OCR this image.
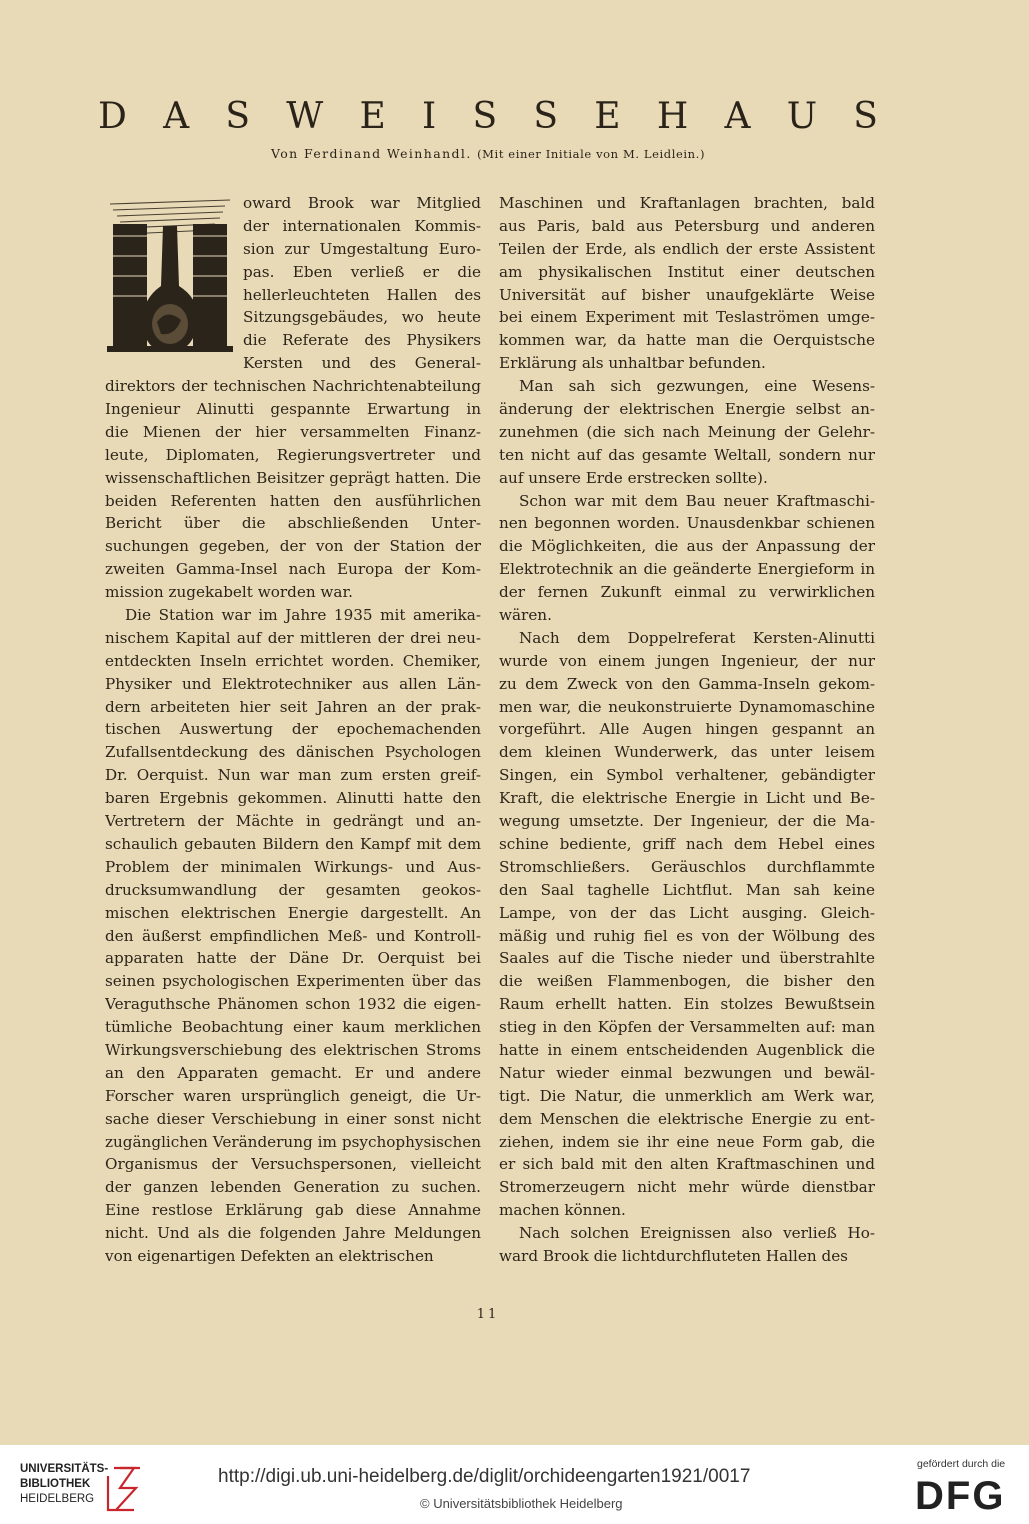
D A S W E I S S E H A U S
Von Ferdinand Weinhandl. (Mit einer Initiale von M. Leidlein.)
oward Brook war Mitglied
der internationalen Kommis-
sion zur Umgestaltung Euro-
pas. Eben verließ er die
hellerleuchteten Hallen des
Sitzungsgebäudes, wo heute
die Referate des Physikers
Kersten und des General-
direktors der technischen Nachrichtenabteilung
Ingenieur Alinutti gespannte Erwartung in
die Mienen der hier versammelten Finanz-
leute, Diplomaten, Regierungsvertreter und
wissenschaftlichen Beisitzer geprägt hatten. Die
beiden Referenten hatten den ausführlichen
Bericht über die abschließenden Unter-
suchungen gegeben, der von der Station der
zweiten Gamma-Insel nach Europa der Kom-
mission zugekabelt worden war.
Die Station war im Jahre 1935 mit amerika-
nischem Kapital auf der mittleren der drei neu-
entdeckten Inseln errichtet worden. Chemiker,
Physiker und Elektrotechniker aus allen Län-
dern arbeiteten hier seit Jahren an der prak-
tischen Auswertung der epochemachenden
Zufallsentdeckung des dänischen Psychologen
Dr. Oerquist. Nun war man zum ersten greif-
baren Ergebnis gekommen. Alinutti hatte den
Vertretern der Mächte in gedrängt und an-
schaulich gebauten Bildern den Kampf mit dem
Problem der minimalen Wirkungs- und Aus-
drucksumwandlung der gesamten geokos-
mischen elektrischen Energie dargestellt. An
den äußerst empfindlichen Meß- und Kontroll-
apparaten hatte der Däne Dr. Oerquist bei
seinen psychologischen Experimenten über das
Veraguthsche Phänomen schon 1932 die eigen-
tümliche Beobachtung einer kaum merklichen
Wirkungsverschiebung des elektrischen Stroms
an den Apparaten gemacht. Er und andere
Forscher waren ursprünglich geneigt, die Ur-
sache dieser Verschiebung in einer sonst nicht
zugänglichen Veränderung im psychophysischen
Organismus der Versuchspersonen, vielleicht
der ganzen lebenden Generation zu suchen.
Eine restlose Erklärung gab diese Annahme
nicht. Und als die folgenden Jahre Meldungen
von eigenartigen Defekten an elektrischen
Maschinen und Kraftanlagen brachten, bald
aus Paris, bald aus Petersburg und anderen
Teilen der Erde, als endlich der erste Assistent
am physikalischen Institut einer deutschen
Universität auf bisher unaufgeklärte Weise
bei einem Experiment mit Teslaströmen umge-
kommen war, da hatte man die Oerquistsche
Erklärung als unhaltbar befunden.
Man sah sich gezwungen, eine Wesens-
änderung der elektrischen Energie selbst an-
zunehmen (die sich nach Meinung der Gelehr-
ten nicht auf das gesamte Weltall, sondern nur
auf unsere Erde erstrecken sollte).
Schon war mit dem Bau neuer Kraftmaschi-
nen begonnen worden. Unausdenkbar schienen
die Möglichkeiten, die aus der Anpassung der
Elektrotechnik an die geänderte Energieform in
der fernen Zukunft einmal zu verwirklichen
wären.
Nach dem Doppelreferat Kersten-Alinutti
wurde von einem jungen Ingenieur, der nur
zu dem Zweck von den Gamma-Inseln gekom-
men war, die neukonstruierte Dynamomaschine
vorgeführt. Alle Augen hingen gespannt an
dem kleinen Wunderwerk, das unter leisem
Singen, ein Symbol verhaltener, gebändigter
Kraft, die elektrische Energie in Licht und Be-
wegung umsetzte. Der Ingenieur, der die Ma-
schine bediente, griff nach dem Hebel eines
Stromschließers. Geräuschlos durchflammte
den Saal taghelle Lichtflut. Man sah keine
Lampe, von der das Licht ausging. Gleich-
mäßig und ruhig fiel es von der Wölbung des
Saales auf die Tische nieder und überstrahlte
die weißen Flammenbogen, die bisher den
Raum erhellt hatten. Ein stolzes Bewußtsein
stieg in den Köpfen der Versammelten auf: man
hatte in einem entscheidenden Augenblick die
Natur wieder einmal bezwungen und bewäl-
tigt. Die Natur, die unmerklich am Werk war,
dem Menschen die elektrische Energie zu ent-
ziehen, indem sie ihr eine neue Form gab, die
er sich bald mit den alten Kraftmaschinen und
Stromerzeugern nicht mehr würde dienstbar
machen können.
Nach solchen Ereignissen also verließ Ho-
ward Brook die lichtdurchfluteten Hallen des
11
UNIVERSITÄTS-
BIBLIOTHEK
HEIDELBERG
http://digi.ub.uni-heidelberg.de/diglit/orchideengarten1921/0017
© Universitätsbibliothek Heidelberg
gefördert durch die
DFG
